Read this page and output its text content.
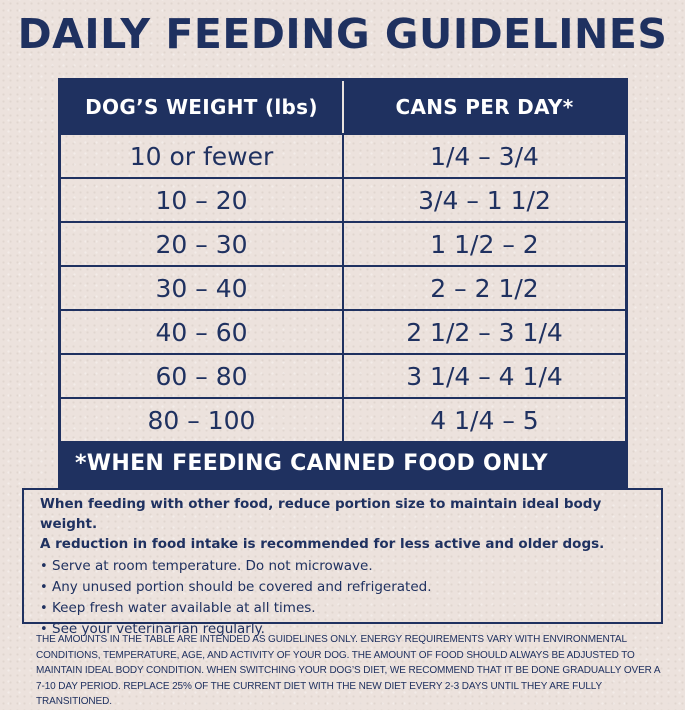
DAILY FEEDING GUIDELINES
DOG’S WEIGHT (lbs)	CANS PER DAY*
10 or fewer	1/4 – 3/4
10 – 20	3/4 – 1 1/2
20 – 30	1 1/2 – 2
30 – 40	2 – 2 1/2
40 – 60	2 1/2 – 3 1/4
60 – 80	3 1/4 – 4 1/4
80 – 100	4 1/4 – 5
*WHEN FEEDING CANNED FOOD ONLY
When feeding with other food, reduce portion size to maintain ideal body weight.
A reduction in food intake is recommended for less active and older dogs.
• Serve at room temperature. Do not microwave.
• Any unused portion should be covered and refrigerated.
• Keep fresh water available at all times.
• See your veterinarian regularly.
THE AMOUNTS IN THE TABLE ARE INTENDED AS GUIDELINES ONLY. ENERGY REQUIREMENTS VARY WITH ENVIRONMENTAL CONDITIONS, TEMPERATURE, AGE, AND ACTIVITY OF YOUR DOG. THE AMOUNT OF FOOD SHOULD ALWAYS BE ADJUSTED TO MAINTAIN IDEAL BODY CONDITION. WHEN SWITCHING YOUR DOG’S DIET, WE RECOMMEND THAT IT BE DONE GRADUALLY OVER A 7-10 DAY PERIOD. REPLACE 25% OF THE CURRENT DIET WITH THE NEW DIET EVERY 2-3 DAYS UNTIL THEY ARE FULLY TRANSITIONED.
